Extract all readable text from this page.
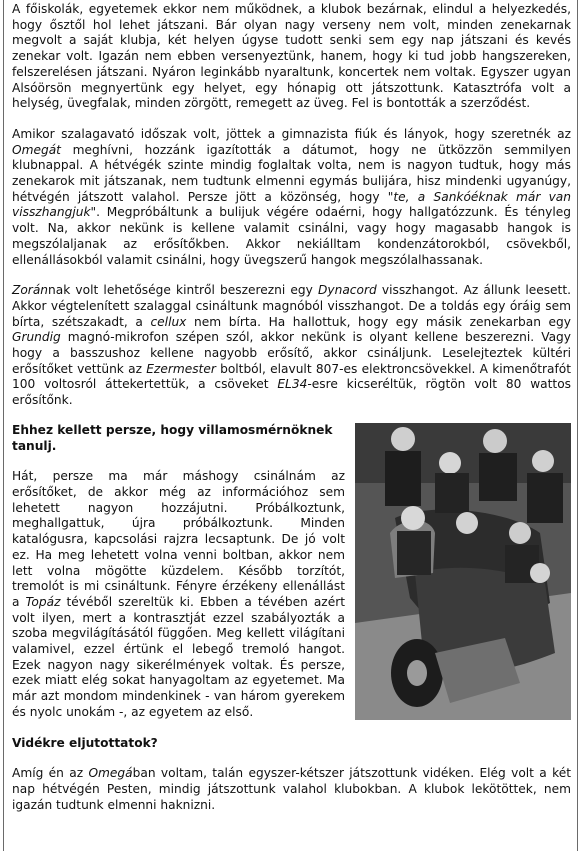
A főiskolák, egyetemek ekkor nem működnek, a klubok bezárnak, elindul a helyezkedés, hogy ősztől hol lehet játszani. Bár olyan nagy verseny nem volt, minden zenekarnak megvolt a saját klubja, két helyen úgyse tudott senki sem egy nap játszani és kevés zenekar volt. Igazán nem ebben versenyeztünk, hanem, hogy ki tud jobb hangszereken, felszerelésen játszani. Nyáron leginkább nyaraltunk, koncertek nem voltak. Egyszer ugyan Alsóörsön megnyertünk egy helyet, egy hónapig ott játszottunk. Katasztrófa volt a helység, üvegfalak, minden zörgött, remegett az üveg. Fel is bontották a szerződést.

Amikor szalagavató időszak volt, jöttek a gimnazista fiúk és lányok, hogy szeretnék az Omegát meghívni, hozzánk igazították a dátumot, hogy ne ütközzön semmilyen klubnappal. A hétvégék szinte mindig foglaltak volta, nem is nagyon tudtuk, hogy más zenekarok mit játszanak, nem tudtunk elmenni egymás bulijára, hisz mindenki ugyanúgy, hétvégén játszott valahol. Persze jött a közönség, hogy "te, a Sankóéknak már van visszhangjuk". Megpróbáltunk a bulijuk végére odaérni, hogy hallgatózzunk. És tényleg volt. Na, akkor nekünk is kellene valamit csinálni, vagy hogy magasabb hangok is megszólaljanak az erősítőkben. Akkor nekiálltam kondenzátorokból, csövekből, ellenállásokból valamit csinálni, hogy üvegszerű hangok megszólalhassanak.

Zoránnak volt lehetősége kintről beszerezni egy Dynacord visszhangot. Az állunk leesett. Akkor végtelenített szalaggal csináltunk magnóból visszhangot. De a toldás egy óráig sem bírta, szétszakadt, a cellux nem bírta. Ha hallottuk, hogy egy másik zenekarban egy Grundig magnó-mikrofon szépen szól, akkor nekünk is olyant kellene beszerezni. Vagy hogy a basszushoz kellene nagyobb erősítő, akkor csináljunk. Leselejteztek kültéri erősítőket vettünk az Ezermester boltból, elavult 807-es elektroncsövekkel. A kimenőtrafót 100 voltosról áttekertettük, a csöveket EL34-esre kicseréltük, rögtön volt 80 wattos erősítőnk.

Ehhez kellett persze, hogy villamosmérnöknek tanulj.

Hát, persze ma már máshogy csinálnám az erősítőket, de akkor még az információhoz sem lehetett nagyon hozzájutni. Próbálkoztunk, meghallgattuk, újra próbálkoztunk. Minden katalógusra, kapcsolási rajzra lecsaptunk. De jó volt ez. Ha meg lehetett volna venni boltban, akkor nem lett volna mögötte küzdelem. Később torzítót, tremolót is mi csináltunk. Fényre érzékeny ellenállást a Topáz tévéből szereltük ki. Ebben a tévében azért volt ilyen, mert a kontrasztját ezzel szabályozták a szoba megvilágításától függően. Meg kellett világítani valamivel, ezzel értünk el lebegő tremoló hangot. Ezek nagyon nagy sikerélmények voltak. És persze, ezek miatt elég sokat hanyagoltam az egyetemet. Ma már azt mondom mindenkinek - van három gyerekem és nyolc unokám -, az egyetem az első.

Vidékre eljutottatok?

Amíg én az Omegában voltam, talán egyszer-kétszer játszottunk vidéken. Elég volt a két nap hétvégén Pesten, mindig játszottunk valahol klubokban. A klubok lekötöttek, nem igazán tudtunk elmenni haknizni.
